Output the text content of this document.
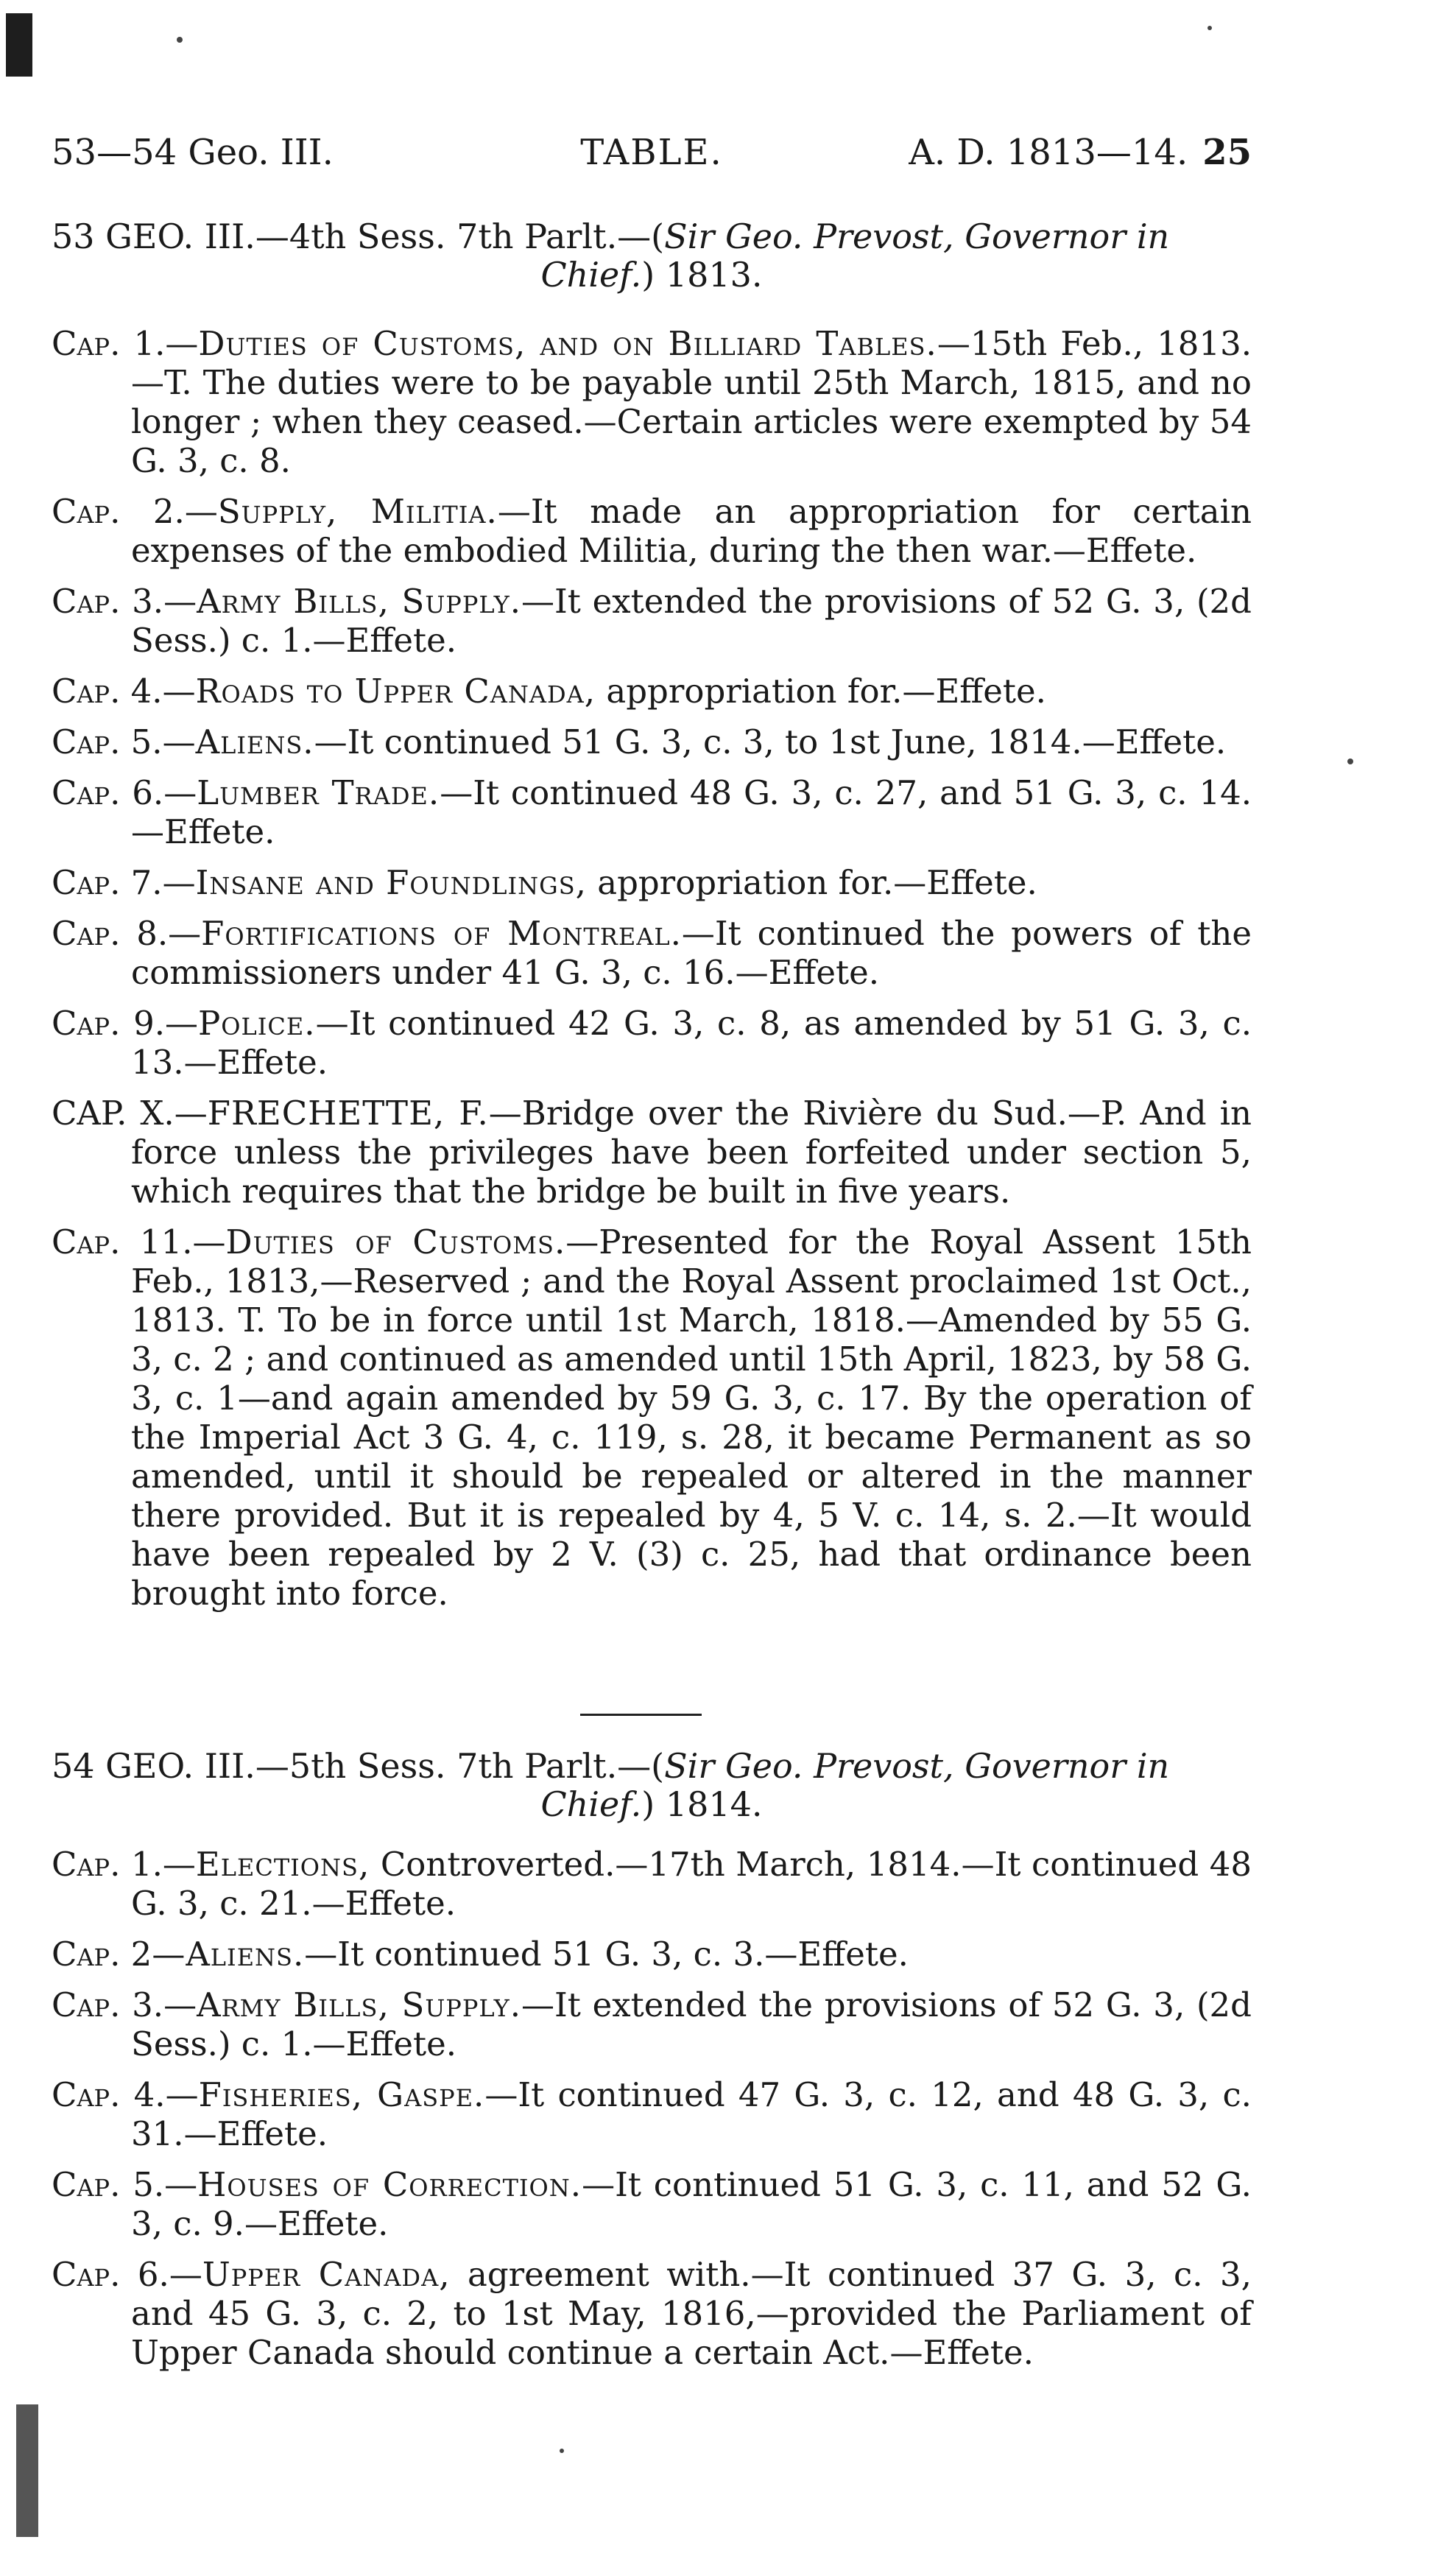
53—54 Geo. III.	TABLE.	A. D. 1813—14. 25
53 GEO. III.—4th Sess. 7th Parlt.—(Sir Geo. Prevost, Governor in
Chief.) 1813.
Cap. 1.—Duties of Customs, and on Billiard Tables.—15th Feb., 1813.—T. The duties were to be payable until 25th March, 1815, and no longer ; when they ceased.—Certain articles were exempted by 54 G. 3, c. 8.
Cap. 2.—Supply, Militia.—It made an appropriation for certain expenses of the embodied Militia, during the then war.—Effete.
Cap. 3.—Army Bills, Supply.—It extended the provisions of 52 G. 3, (2d Sess.) c. 1.—Effete.
Cap. 4.—Roads to Upper Canada, appropriation for.—Effete.
Cap. 5.—Aliens.—It continued 51 G. 3, c. 3, to 1st June, 1814.—Effete.
Cap. 6.—Lumber Trade.—It continued 48 G. 3, c. 27, and 51 G. 3, c. 14.—Effete.
Cap. 7.—Insane and Foundlings, appropriation for.—Effete.
Cap. 8.—Fortifications of Montreal.—It continued the powers of the commissioners under 41 G. 3, c. 16.—Effete.
Cap. 9.—Police.—It continued 42 G. 3, c. 8, as amended by 51 G. 3, c. 13.—Effete.
CAP. X.—FRECHETTE, F.—Bridge over the Rivière du Sud.—P. And in force unless the privileges have been forfeited under section 5, which requires that the bridge be built in five years.
Cap. 11.—Duties of Customs.—Presented for the Royal Assent 15th Feb., 1813,—Reserved ; and the Royal Assent proclaimed 1st Oct., 1813. T. To be in force until 1st March, 1818.—Amended by 55 G. 3, c. 2 ; and continued as amended until 15th April, 1823, by 58 G. 3, c. 1—and again amended by 59 G. 3, c. 17. By the operation of the Imperial Act 3 G. 4, c. 119, s. 28, it became Permanent as so amended, until it should be repealed or altered in the manner there provided. But it is repealed by 4, 5 V. c. 14, s. 2.—It would have been repealed by 2 V. (3) c. 25, had that ordinance been brought into force.
54 GEO. III.—5th Sess. 7th Parlt.—(Sir Geo. Prevost, Governor in
Chief.) 1814.
Cap. 1.—Elections, Controverted.—17th March, 1814.—It continued 48 G. 3, c. 21.—Effete.
Cap. 2—Aliens.—It continued 51 G. 3, c. 3.—Effete.
Cap. 3.—Army Bills, Supply.—It extended the provisions of 52 G. 3, (2d Sess.) c. 1.—Effete.
Cap. 4.—Fisheries, Gaspe.—It continued 47 G. 3, c. 12, and 48 G. 3, c. 31.—Effete.
Cap. 5.—Houses of Correction.—It continued 51 G. 3, c. 11, and 52 G. 3, c. 9.—Effete.
Cap. 6.—Upper Canada, agreement with.—It continued 37 G. 3, c. 3, and 45 G. 3, c. 2, to 1st May, 1816,—provided the Parliament of Upper Canada should continue a certain Act.—Effete.
